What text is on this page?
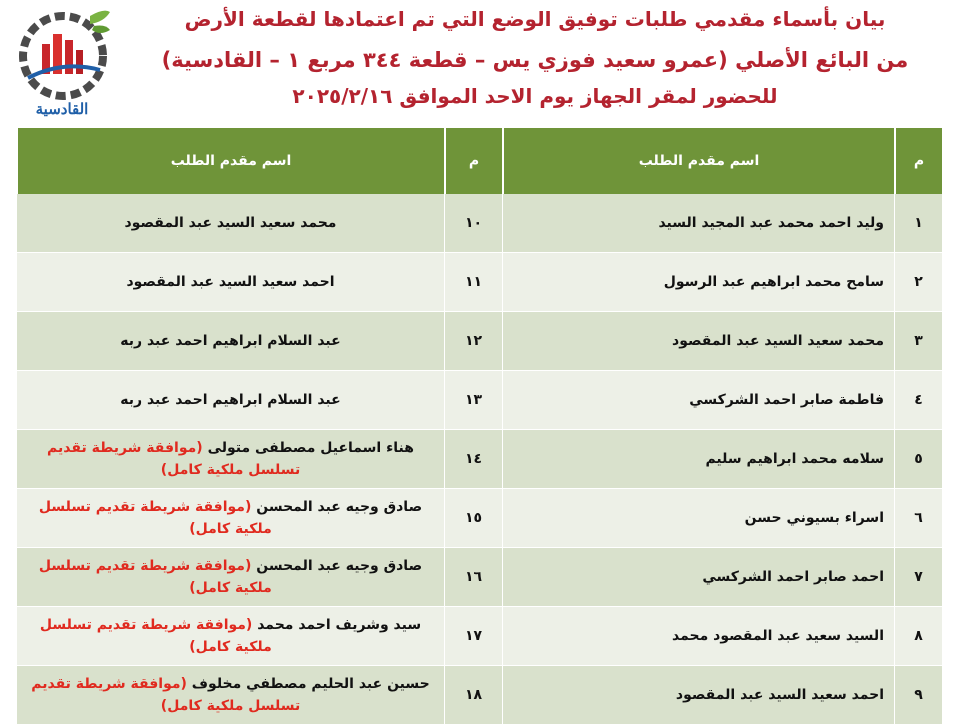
القادسية
بيان بأسماء مقدمي طلبات توفيق الوضع التي تم اعتمادها لقطعة الأرض
من البائع الأصلي (عمرو سعيد فوزي يس – قطعة ٣٤٤ مربع ١ – القادسية)
للحضور لمقر الجهاز يوم الاحد الموافق ٢٠٢٥/٢/١٦
م	اسم مقدم الطلب	م	اسم مقدم الطلب
١	وليد احمد محمد عبد المجيد السيد	١٠	محمد سعيد السيد عبد المقصود
٢	سامح محمد ابراهيم عبد الرسول	١١	احمد سعيد السيد عبد المقصود
٣	محمد سعيد السيد عبد المقصود	١٢	عبد السلام ابراهيم احمد عبد ربه
٤	فاطمة صابر احمد الشركسي	١٣	عبد السلام ابراهيم احمد عبد ربه
٥	سلامه محمد ابراهيم سليم	١٤	هناء اسماعيل مصطفى متولى (موافقة شريطة تقديم تسلسل ملكية كامل)
٦	اسراء بسيوني حسن	١٥	صادق وجيه عبد المحسن (موافقة شريطة تقديم تسلسل ملكية كامل)
٧	احمد صابر احمد الشركسي	١٦	صادق وجيه عبد المحسن (موافقة شريطة تقديم تسلسل ملكية كامل)
٨	السيد سعيد عبد المقصود محمد	١٧	سيد وشريف احمد محمد (موافقة شريطة تقديم تسلسل ملكية كامل)
٩	احمد سعيد السيد عبد المقصود	١٨	حسين عبد الحليم مصطفي مخلوف (موافقة شريطة تقديم تسلسل ملكية كامل)
